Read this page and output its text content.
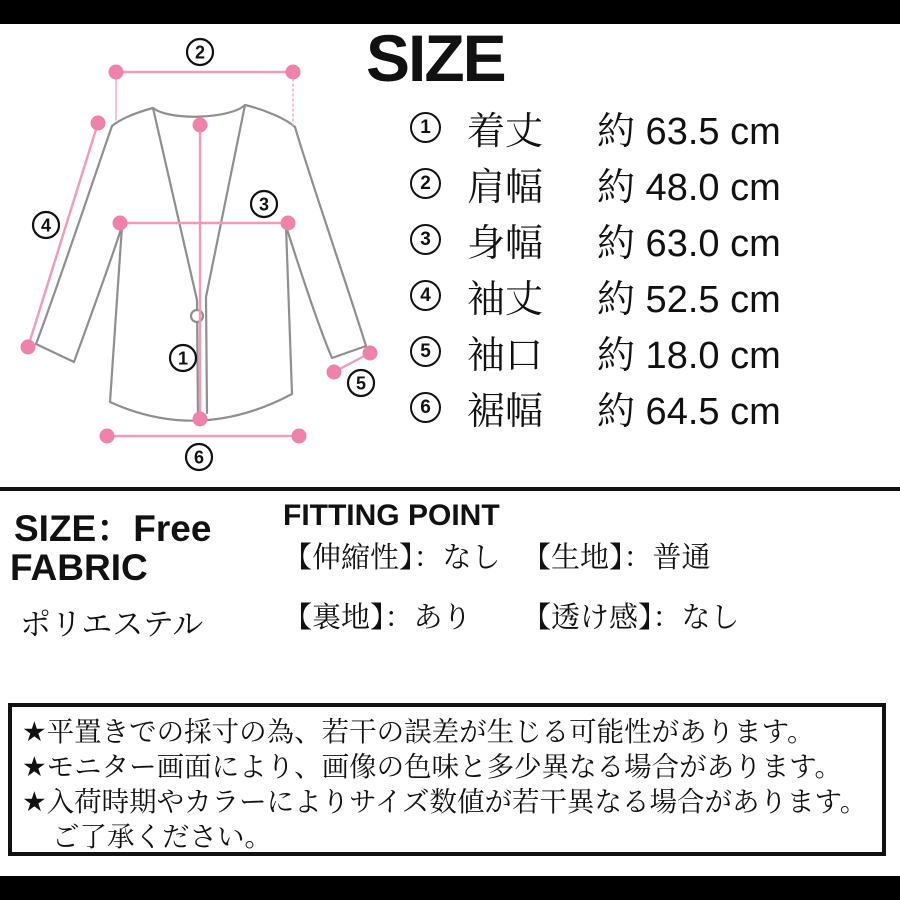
2
4
3
1
5
6
SIZE
1 着丈	約 63.5 cm
2 肩幅	約 48.0 cm
3 身幅	約 63.0 cm
4 袖丈	約 52.5 cm
5 袖口	約 18.0 cm
6 裾幅	約 64.5 cm
SIZE：Free
FABRIC
ポリエステル
FITTING POINT
【伸縮性】：なし 【生地】：普通
【裏地】：あり	【透け感】：なし
★平置きでの採寸の為、若干の誤差が生じる可能性があります。
★モニター画面により、画像の色味と多少異なる場合があります。
★入荷時期やカラーによりサイズ数値が若干異なる場合があります。
ご了承ください。
